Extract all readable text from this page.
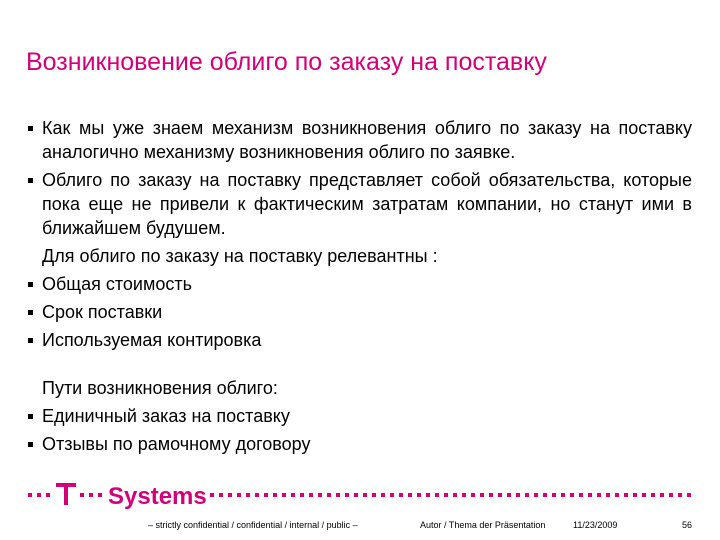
Возникновение облиго по заказу на поставку
Как мы уже знаем механизм возникновения облиго по заказу на поставку аналогично механизму возникновения облиго по заявке.
Облиго по заказу на поставку представляет собой обязательства, которые пока еще не привели к фактическим затратам компании, но станут ими в ближайшем будушем.
Для облиго по заказу на поставку релевантны :
Общая стоимость
Срок поставки
Используемая контировка
Пути возникновения облиго:
Единичный заказ на поставку
Отзывы по рамочному договору
Systems
– strictly confidential / confidential / internal / public –	Autor / Thema der Präsentation	11/23/2009	56
